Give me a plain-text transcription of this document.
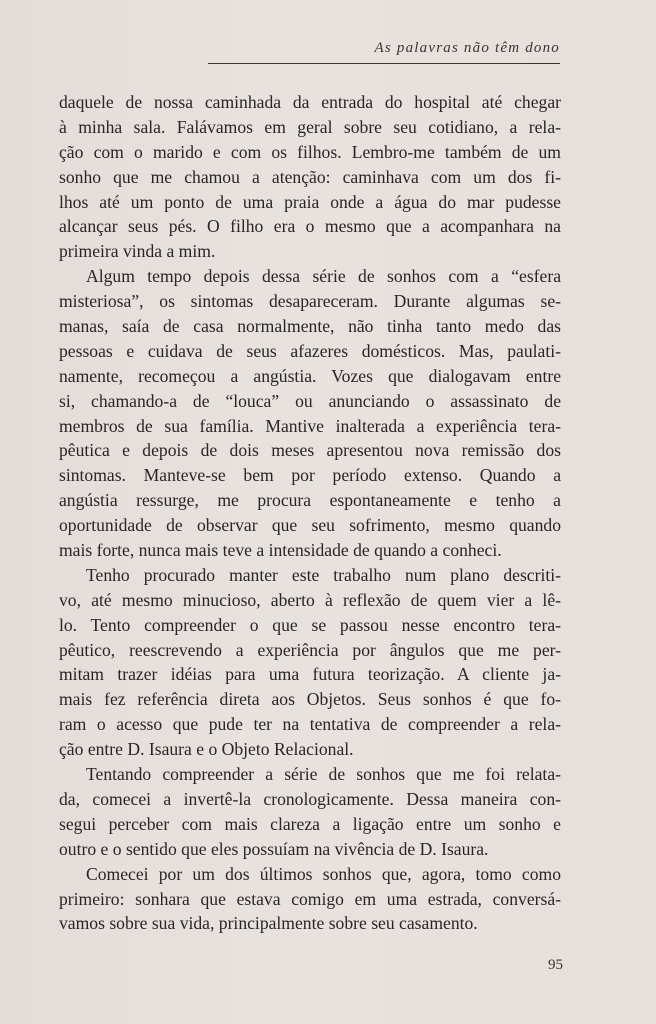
As palavras não têm dono
daquele de nossa caminhada da entrada do hospital até chegar
à minha sala. Falávamos em geral sobre seu cotidiano, a rela-
ção com o marido e com os filhos. Lembro-me também de um
sonho que me chamou a atenção: caminhava com um dos fi-
lhos até um ponto de uma praia onde a água do mar pudesse
alcançar seus pés. O filho era o mesmo que a acompanhara na
primeira vinda a mim.
Algum tempo depois dessa série de sonhos com a “esfera
misteriosa”, os sintomas desapareceram. Durante algumas se-
manas, saía de casa normalmente, não tinha tanto medo das
pessoas e cuidava de seus afazeres domésticos. Mas, paulati-
namente, recomeçou a angústia. Vozes que dialogavam entre
si, chamando-a de “louca” ou anunciando o assassinato de
membros de sua família. Mantive inalterada a experiência tera-
pêutica e depois de dois meses apresentou nova remissão dos
sintomas. Manteve-se bem por período extenso. Quando a
angústia ressurge, me procura espontaneamente e tenho a
oportunidade de observar que seu sofrimento, mesmo quando
mais forte, nunca mais teve a intensidade de quando a conheci.
Tenho procurado manter este trabalho num plano descriti-
vo, até mesmo minucioso, aberto à reflexão de quem vier a lê-
lo. Tento compreender o que se passou nesse encontro tera-
pêutico, reescrevendo a experiência por ângulos que me per-
mitam trazer idéias para uma futura teorização. A cliente ja-
mais fez referência direta aos Objetos. Seus sonhos é que fo-
ram o acesso que pude ter na tentativa de compreender a rela-
ção entre D. Isaura e o Objeto Relacional.
Tentando compreender a série de sonhos que me foi relata-
da, comecei a invertê-la cronologicamente. Dessa maneira con-
segui perceber com mais clareza a ligação entre um sonho e
outro e o sentido que eles possuíam na vivência de D. Isaura.
Comecei por um dos últimos sonhos que, agora, tomo como
primeiro: sonhara que estava comigo em uma estrada, conversá-
vamos sobre sua vida, principalmente sobre seu casamento.
95
